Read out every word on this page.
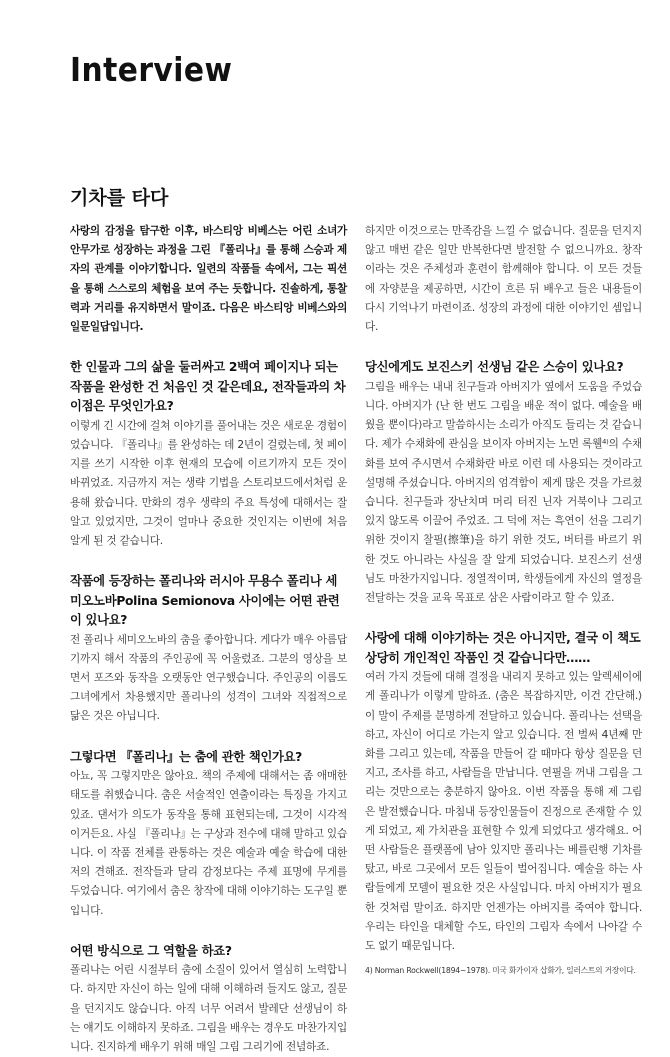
Interview
기차를 타다

사랑의 감정을 탐구한 이후, 바스티앙 비베스는 어린 소녀가 안무가로 성장하는 과정을 그린 『폴리나』를 통해 스승과 제자의 관계를 이야기합니다. 일련의 작품들 속에서, 그는 픽션을 통해 스스로의 체험을 보여 주는 듯합니다. 진솔하게, 통찰력과 거리를 유지하면서 말이죠. 다음은 바스티앙 비베스와의 일문일답입니다.

한 인물과 그의 삶을 둘러싸고 2백여 페이지나 되는 작품을 완성한 건 처음인 것 같은데요, 전작들과의 차이점은 무엇인가요?

이렇게 긴 시간에 걸쳐 이야기를 풀어내는 것은 새로운 경험이었습니다. 『폴리나』를 완성하는 데 2년이 걸렸는데, 첫 페이지를 쓰기 시작한 이후 현재의 모습에 이르기까지 모든 것이 바뀌었죠. 지금까지 저는 생략 기법을 스토리보드에서처럼 운용해 왔습니다. 만화의 경우 생략의 주요 특성에 대해서는 잘 알고 있었지만, 그것이 얼마나 중요한 것인지는 이번에 처음 알게 된 것 같습니다.

작품에 등장하는 폴리나와 러시아 무용수 폴리나 세미오노바Polina Semionova 사이에는 어떤 관련이 있나요?

전 폴리나 세미오노바의 춤을 좋아합니다. 게다가 매우 아름답기까지 해서 작품의 주인공에 꼭 어울렸죠. 그분의 영상을 보면서 포즈와 동작을 오랫동안 연구했습니다. 주인공의 이름도 그녀에게서 차용했지만 폴리나의 성격이 그녀와 직접적으로 닮은 것은 아닙니다.

그렇다면 『폴리나』는 춤에 관한 책인가요?

아뇨, 꼭 그렇지만은 않아요. 책의 주제에 대해서는 좀 애매한 태도를 취했습니다. 춤은 서술적인 연출이라는 특징을 가지고 있죠. 댄서가 의도가 동작을 통해 표현되는데, 그것이 시각적이거든요. 사실 『폴리나』는 구상과 전수에 대해 말하고 있습니다. 이 작품 전체를 관통하는 것은 예술과 예술 학습에 대한 저의 견해죠. 전작들과 달리 감정보다는 주제 표명에 무게를 두었습니다. 여기에서 춤은 창작에 대해 이야기하는 도구일 뿐입니다.

어떤 방식으로 그 역할을 하죠?

폴리나는 어린 시절부터 춤에 소질이 있어서 열심히 노력합니다. 하지만 자신이 하는 일에 대해 이해하려 들지도 않고, 질문을 던지지도 않습니다. 아직 너무 어려서 발레단 선생님이 하는 얘기도 이해하지 못하죠. 그림을 배우는 경우도 마찬가지입니다. 진지하게 배우기 위해 매일 그림 그리기에 전념하죠.

하지만 이것으로는 만족감을 느낄 수 없습니다. 질문을 던지지 않고 매번 같은 일만 반복한다면 발전할 수 없으니까요. 창작이라는 것은 주체성과 훈련이 함께해야 합니다. 이 모든 것들에 자양분을 제공하면, 시간이 흐른 뒤 배우고 들은 내용들이 다시 기억나기 마련이죠. 성장의 과정에 대한 이야기인 셈입니다.

당신에게도 보진스키 선생님 같은 스승이 있나요?

그림을 배우는 내내 친구들과 아버지가 옆에서 도움을 주었습니다. 아버지가 ⟨난 한 번도 그림을 배운 적이 없다. 예술을 배웠을 뿐이다⟩라고 말씀하시는 소리가 아직도 들리는 것 같습니다. 제가 수채화에 관심을 보이자 아버지는 노먼 록웰⁴⁾의 수채화를 보여 주시면서 수채화란 바로 이런 데 사용되는 것이라고 설명해 주셨습니다. 아버지의 엄격함이 제게 많은 것을 가르쳤습니다. 친구들과 장난치며 머리 터진 닌자 거북이나 그리고 있지 않도록 이끌어 주었죠. 그 덕에 저는 흑연이 선을 그리기 위한 것이지 찰필(擦筆)을 하기 위한 것도, 버터를 바르기 위한 것도 아니라는 사실을 잘 알게 되었습니다. 보진스키 선생님도 마찬가지입니다. 정열적이며, 학생들에게 자신의 열정을 전달하는 것을 교육 목표로 삼은 사람이라고 할 수 있죠.

사랑에 대해 이야기하는 것은 아니지만, 결국 이 책도 상당히 개인적인 작품인 것 같습니다만……

여러 가지 것들에 대해 결정을 내리지 못하고 있는 알렉세이에게 폴리나가 이렇게 말하죠. ⟨춤은 복잡하지만, 이건 간단해.⟩ 이 말이 주제를 분명하게 전달하고 있습니다. 폴리나는 선택을 하고, 자신이 어디로 가는지 알고 있습니다. 전 벌써 4년째 만화를 그리고 있는데, 작품을 만들어 갈 때마다 항상 질문을 던지고, 조사를 하고, 사람들을 만납니다. 연필을 꺼내 그림을 그리는 것만으로는 충분하지 않아요. 이번 작품을 통해 제 그림은 발전했습니다. 마침내 등장인물들이 진정으로 존재할 수 있게 되었고, 제 가치관을 표현할 수 있게 되었다고 생각해요. 어떤 사람들은 플랫폼에 남아 있지만 폴리나는 베를린행 기차를 탔고, 바로 그곳에서 모든 일들이 벌어집니다. 예술을 하는 사람들에게 모델이 필요한 것은 사실입니다. 마치 아버지가 필요한 것처럼 말이죠. 하지만 언젠가는 아버지를 죽여야 합니다. 우리는 타인을 대체할 수도, 타인의 그림자 속에서 나아갈 수도 없기 때문입니다.

4) Norman Rockwell(1894~1978). 미국 화가이자 삽화가, 일러스트의 거장이다.
